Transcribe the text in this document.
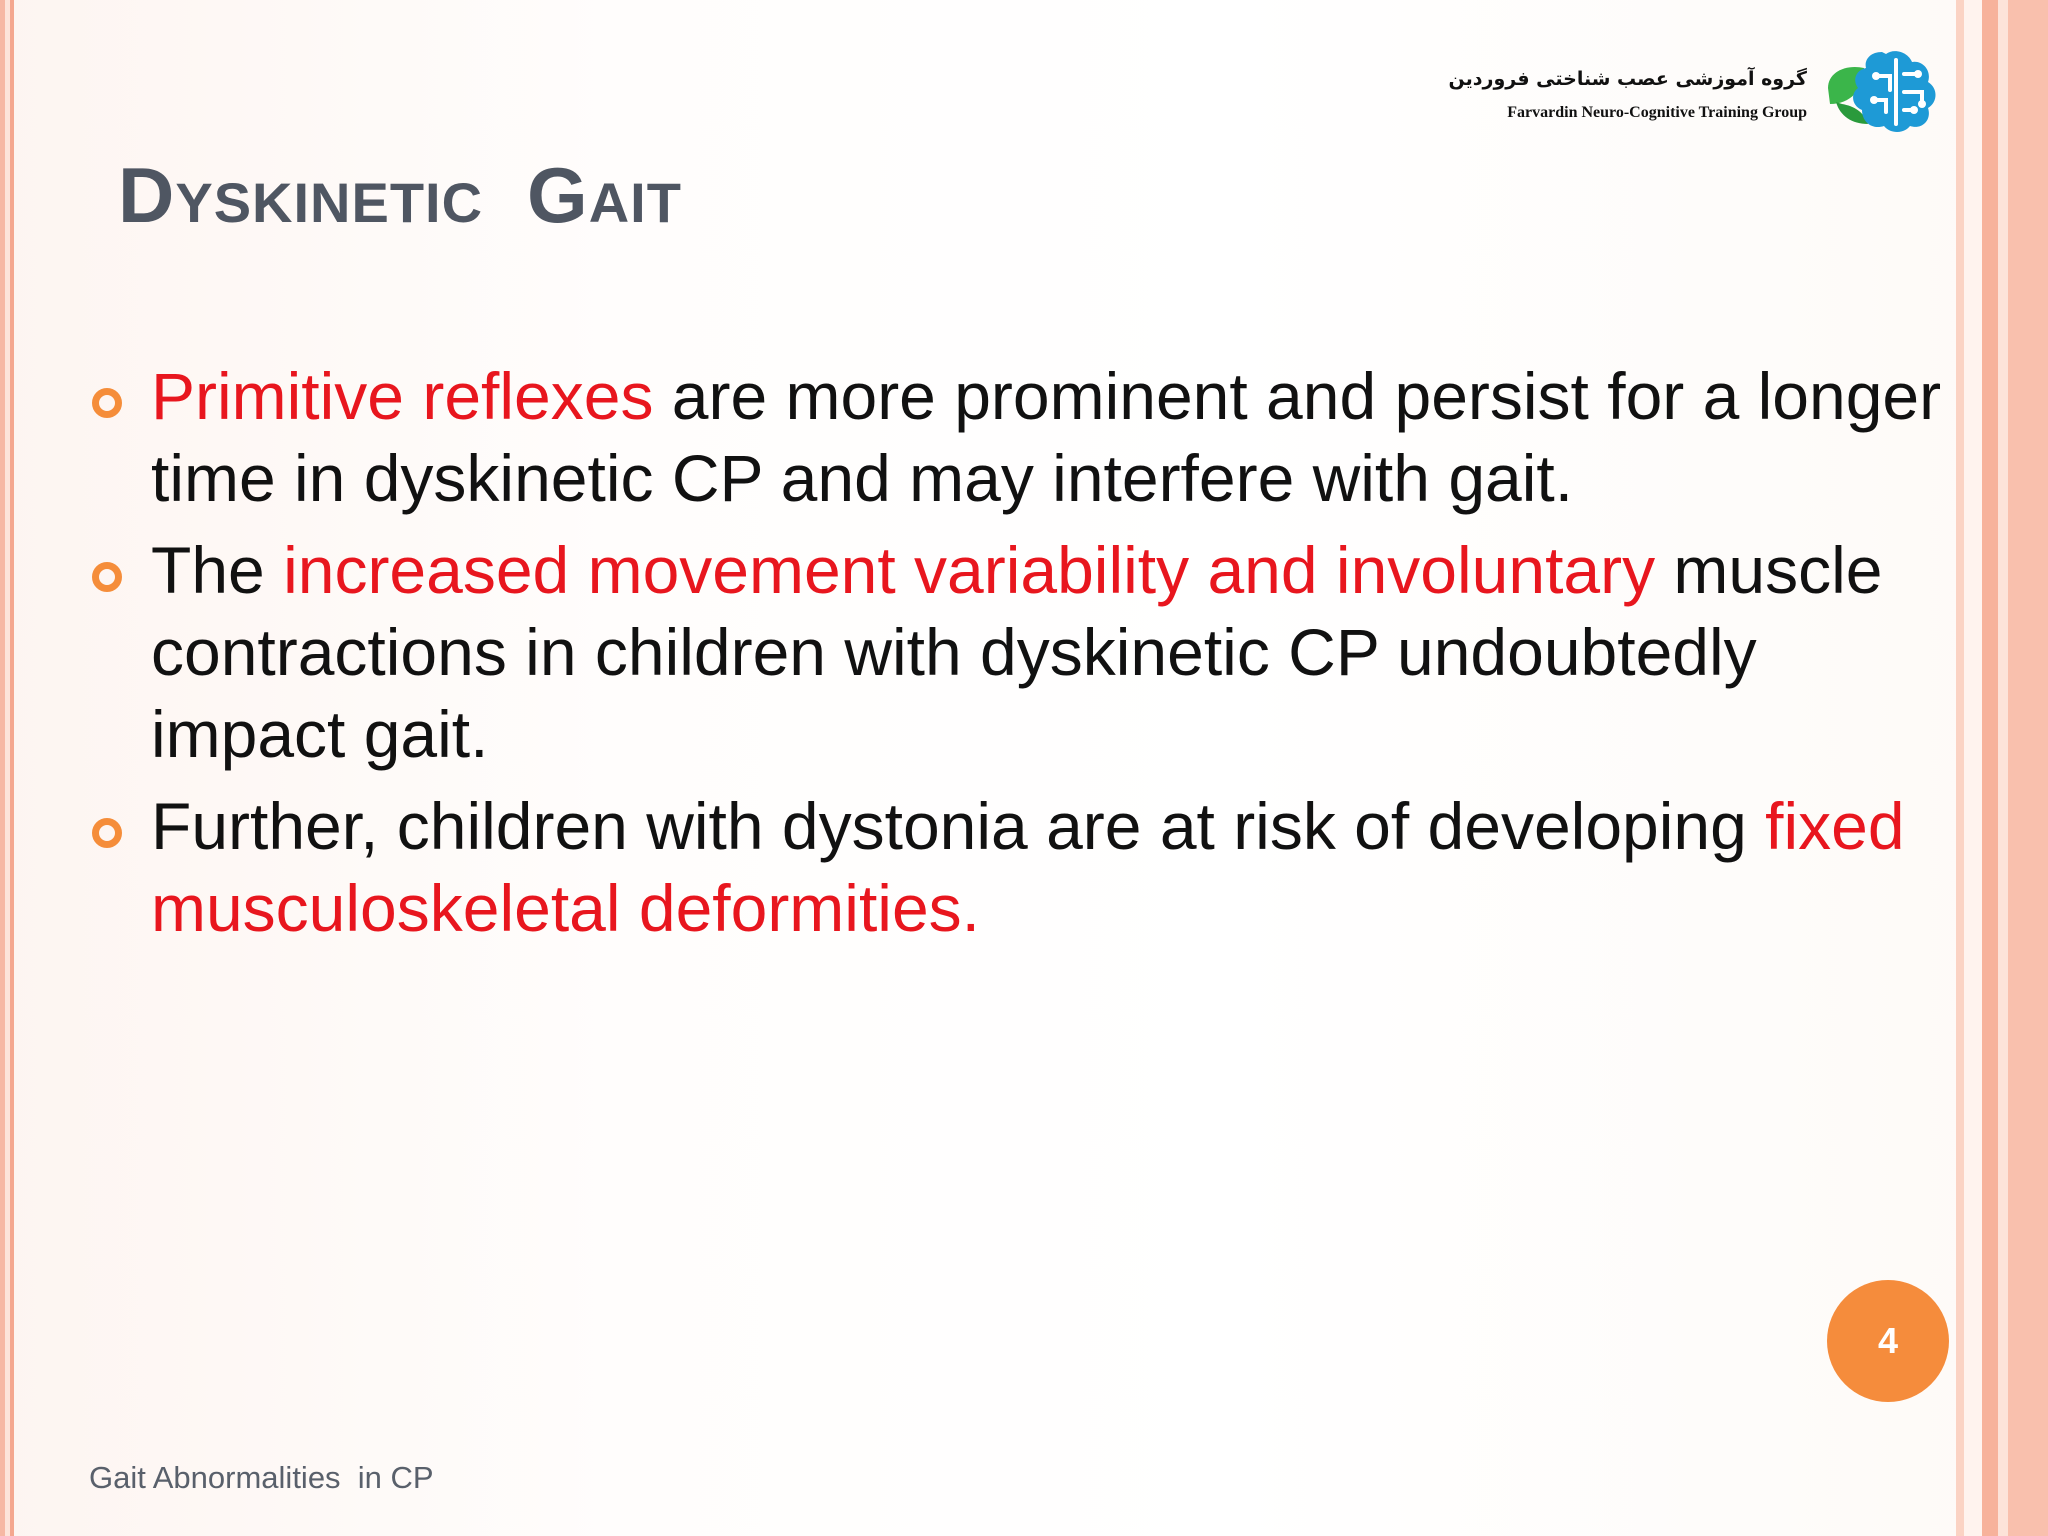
گروه آموزشی عصب شناختی فروردین
Farvardin Neuro-Cognitive Training Group
DYSKINETIC GAIT
Primitive reflexes are more prominent and persist for a longer time in dyskinetic CP and may interfere with gait.
The increased movement variability and involuntary muscle contractions in children with dyskinetic CP undoubtedly impact gait.
Further, children with dystonia are at risk of developing fixed musculoskeletal deformities.
4
Gait Abnormalities  in CP
